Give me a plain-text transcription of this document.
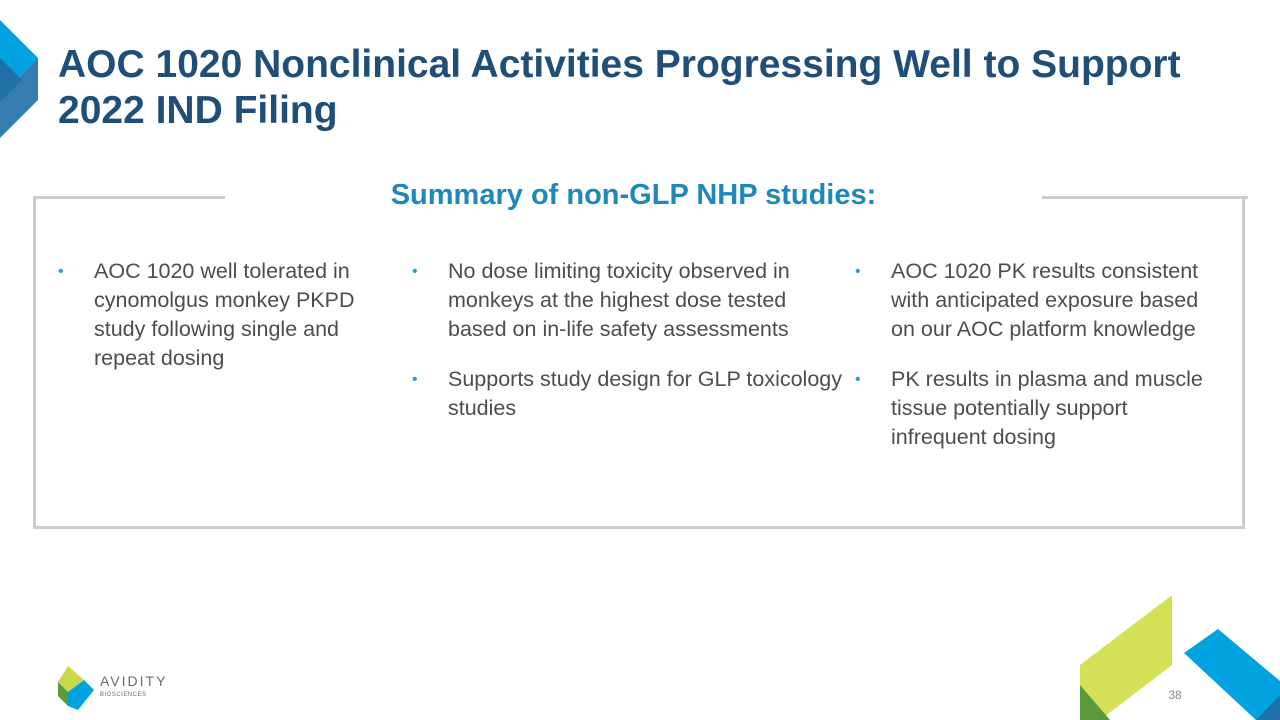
AOC 1020 Nonclinical Activities Progressing Well to Support 2022 IND Filing
Summary of non-GLP NHP studies:
• AOC 1020 well tolerated in cynomolgus monkey PKPD study following single and repeat dosing
• No dose limiting toxicity observed in monkeys at the highest dose tested based on in-life safety assessments
• Supports study design for GLP toxicology studies
• AOC 1020 PK results consistent with anticipated exposure based on our AOC platform knowledge
• PK results in plasma and muscle tissue potentially support infrequent dosing
AVIDITY
BIOSCIENCES	38
